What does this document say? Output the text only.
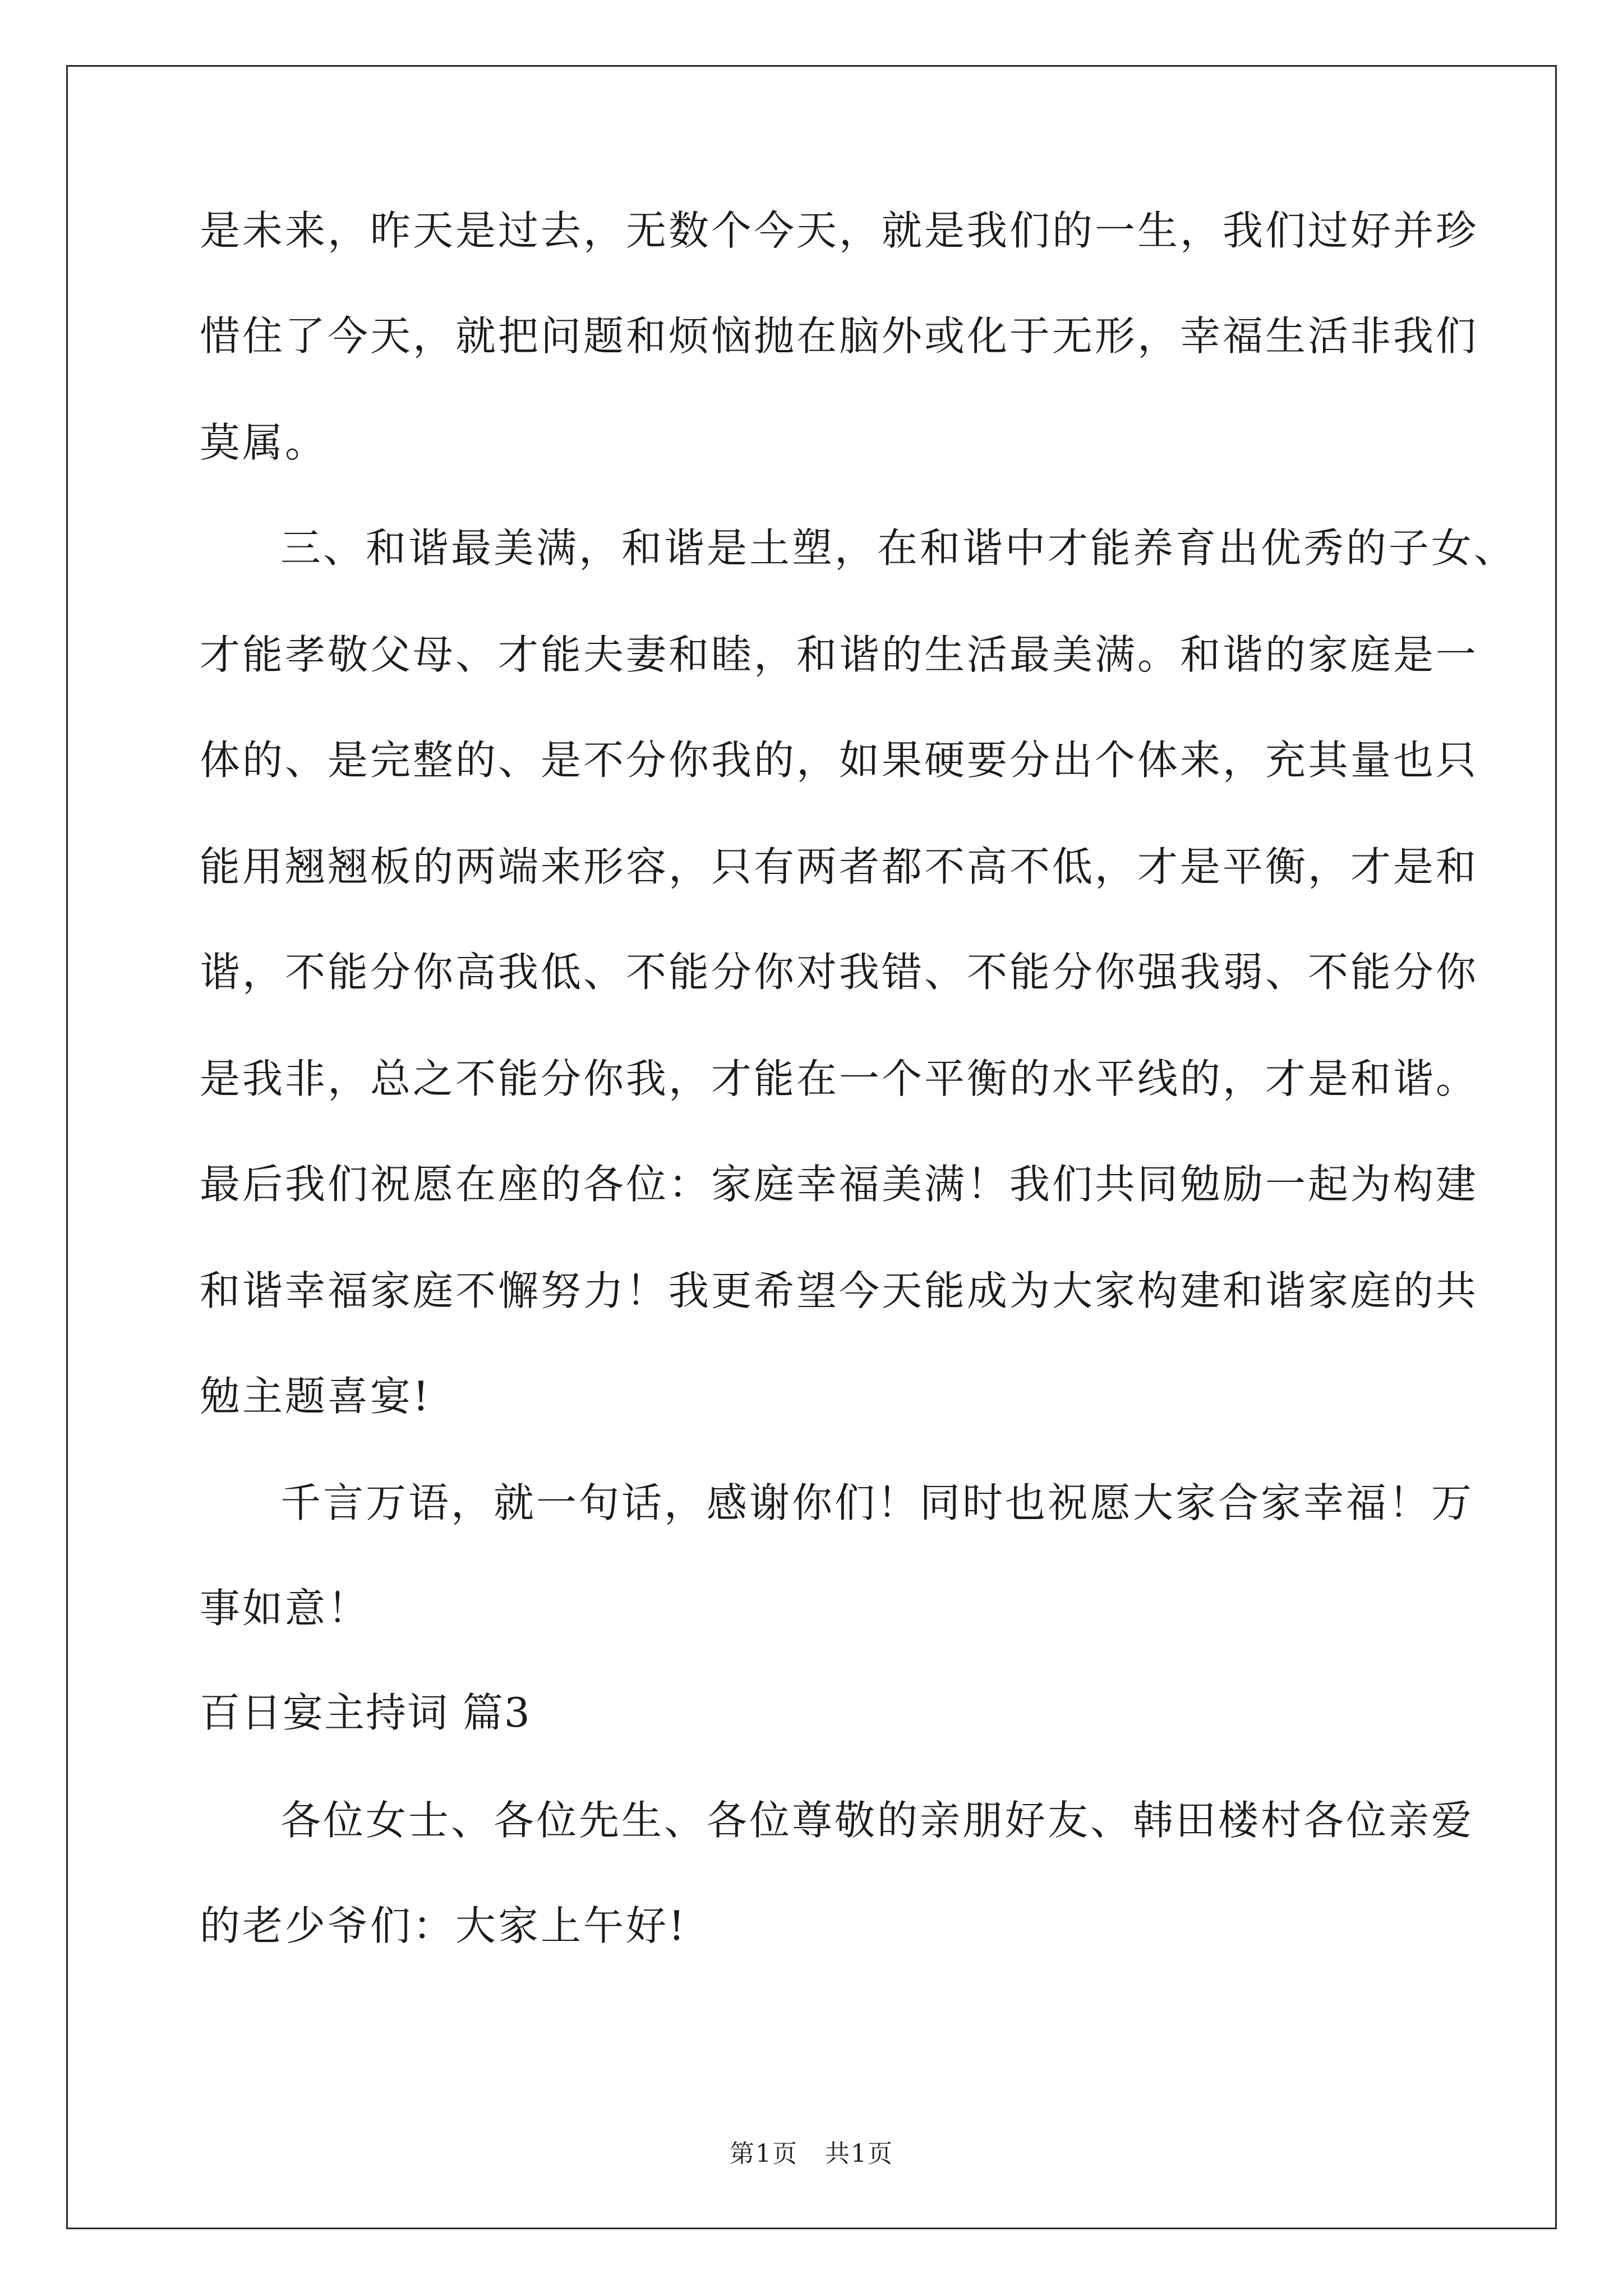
是未来，昨天是过去，无数个今天，就是我们的一生，我们过好并珍
惜住了今天，就把问题和烦恼抛在脑外或化于无形，幸福生活非我们
莫属。
三、和谐最美满，和谐是土塑，在和谐中才能养育出优秀的子女、
才能孝敬父母、才能夫妻和睦，和谐的生活最美满。和谐的家庭是一
体的、是完整的、是不分你我的，如果硬要分出个体来，充其量也只
能用翘翘板的两端来形容，只有两者都不高不低，才是平衡，才是和
谐，不能分你高我低、不能分你对我错、不能分你强我弱、不能分你
是我非，总之不能分你我，才能在一个平衡的水平线的，才是和谐。
最后我们祝愿在座的各位：家庭幸福美满！我们共同勉励一起为构建
和谐幸福家庭不懈努力！我更希望今天能成为大家构建和谐家庭的共
勉主题喜宴!
千言万语，就一句话，感谢你们！同时也祝愿大家合家幸福！万
事如意！
百日宴主持词 篇3
各位女士、各位先生、各位尊敬的亲朋好友、韩田楼村各位亲爱
的老少爷们：大家上午好!
第1页 共1页
